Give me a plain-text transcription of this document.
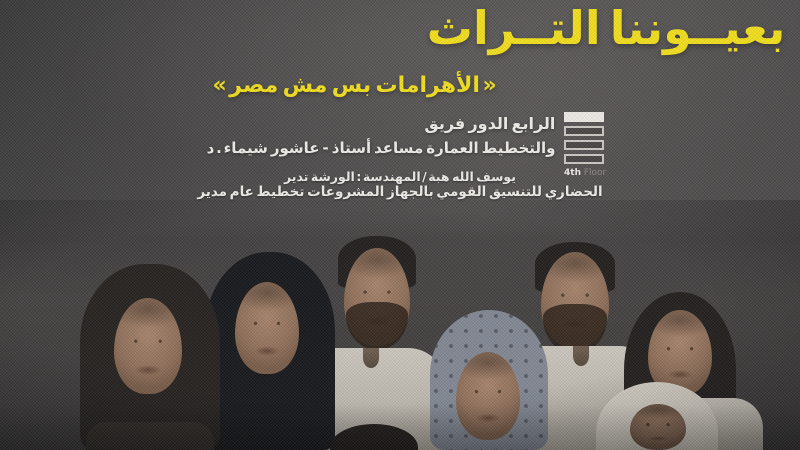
التــراث بعيــوننا
« مصر مش بس الأهرامات »
فريق الدور الرابع
د . شيماء عاشور - أستاذ مساعد العمارة والتخطيط
4th Floor
تدير الورشة : المهندسة / هبة الله يوسف
مدير عام تخطيط المشروعات بالجهاز القومي للتنسيق الحضاري
